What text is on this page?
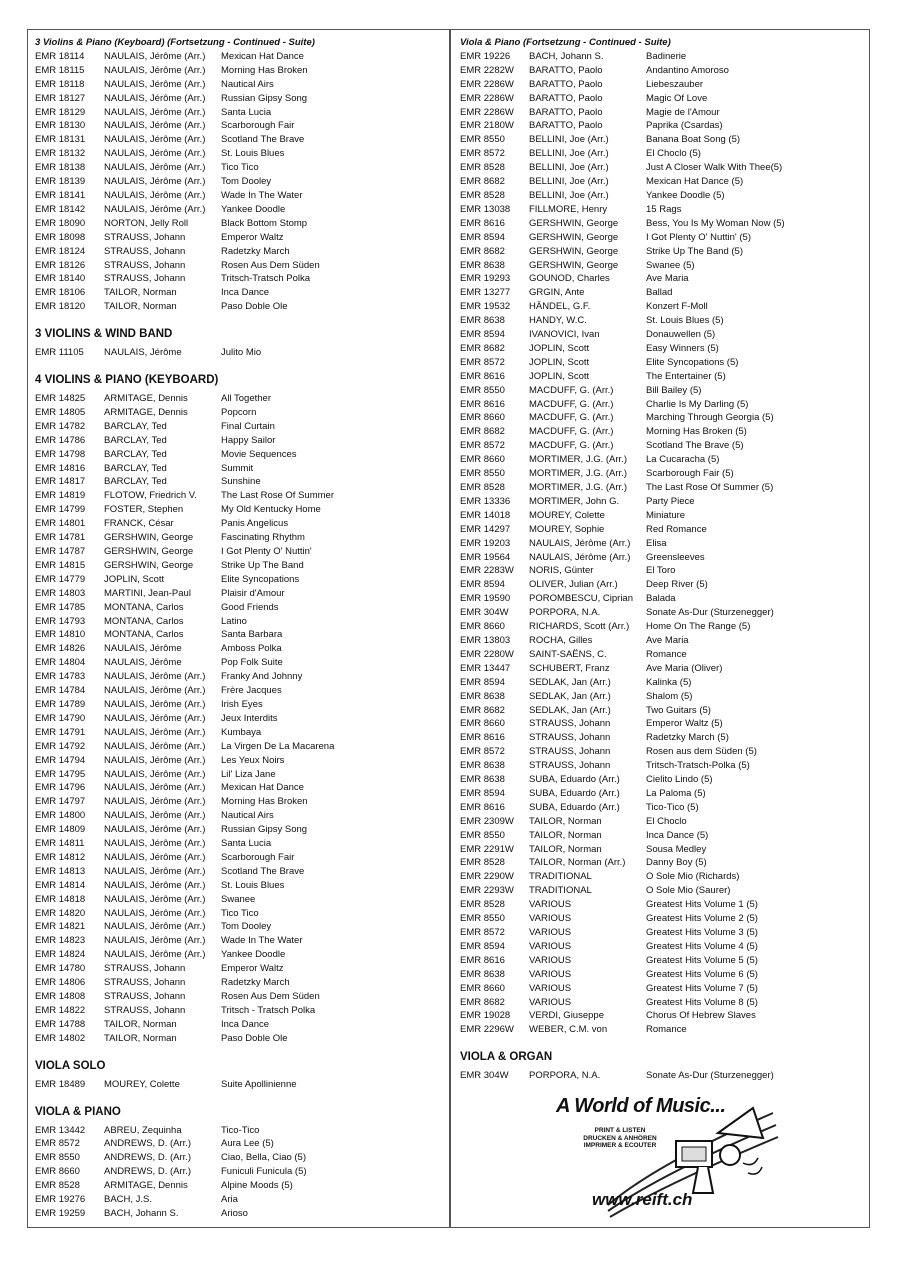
3 Violins & Piano (Keyboard) (Fortsetzung - Continued - Suite)
EMR 18114	NAULAIS, Jérôme (Arr.)	Mexican Hat Dance
EMR 18115	NAULAIS, Jérôme (Arr.)	Morning Has Broken
EMR 18118	NAULAIS, Jérôme (Arr.)	Nautical Airs
EMR 18127	NAULAIS, Jérôme (Arr.)	Russian Gipsy Song
EMR 18129	NAULAIS, Jérôme (Arr.)	Santa Lucia
EMR 18130	NAULAIS, Jérôme (Arr.)	Scarborough Fair
EMR 18131	NAULAIS, Jérôme (Arr.)	Scotland The Brave
EMR 18132	NAULAIS, Jérôme (Arr.)	St. Louis Blues
EMR 18138	NAULAIS, Jérôme (Arr.)	Tico Tico
EMR 18139	NAULAIS, Jérôme (Arr.)	Tom Dooley
EMR 18141	NAULAIS, Jérôme (Arr.)	Wade In The Water
EMR 18142	NAULAIS, Jérôme (Arr.)	Yankee Doodle
EMR 18090	NORTON, Jelly Roll	Black Bottom Stomp
EMR 18098	STRAUSS, Johann	Emperor Waltz
EMR 18124	STRAUSS, Johann	Radetzky March
EMR 18126	STRAUSS, Johann	Rosen Aus Dem Süden
EMR 18140	STRAUSS, Johann	Tritsch-Tratsch Polka
EMR 18106	TAILOR, Norman	Inca Dance
EMR 18120	TAILOR, Norman	Paso Doble Ole
3 VIOLINS & WIND BAND
EMR 11105	NAULAIS, Jérôme	Julito Mio
4 VIOLINS & PIANO (KEYBOARD)
EMR 14825	ARMITAGE, Dennis	All Together
EMR 14805	ARMITAGE, Dennis	Popcorn
EMR 14782	BARCLAY, Ted	Final Curtain
EMR 14786	BARCLAY, Ted	Happy Sailor
EMR 14798	BARCLAY, Ted	Movie Sequences
EMR 14816	BARCLAY, Ted	Summit
EMR 14817	BARCLAY, Ted	Sunshine
EMR 14819	FLOTOW, Friedrich V.	The Last Rose Of Summer
EMR 14799	FOSTER, Stephen	My Old Kentucky Home
EMR 14801	FRANCK, César	Panis Angelicus
EMR 14781	GERSHWIN, George	Fascinating Rhythm
EMR 14787	GERSHWIN, George	I Got Plenty O' Nuttin'
EMR 14815	GERSHWIN, George	Strike Up The Band
EMR 14779	JOPLIN, Scott	Elite Syncopations
EMR 14803	MARTINI, Jean-Paul	Plaisir d'Amour
EMR 14785	MONTANA, Carlos	Good Friends
EMR 14793	MONTANA, Carlos	Latino
EMR 14810	MONTANA, Carlos	Santa Barbara
EMR 14826	NAULAIS, Jérôme	Amboss Polka
EMR 14804	NAULAIS, Jérôme	Pop Folk Suite
EMR 14783	NAULAIS, Jérôme (Arr.)	Franky And Johnny
EMR 14784	NAULAIS, Jérôme (Arr.)	Frère Jacques
EMR 14789	NAULAIS, Jérôme (Arr.)	Irish Eyes
EMR 14790	NAULAIS, Jérôme (Arr.)	Jeux Interdits
EMR 14791	NAULAIS, Jérôme (Arr.)	Kumbaya
EMR 14792	NAULAIS, Jérôme (Arr.)	La Virgen De La Macarena
EMR 14794	NAULAIS, Jérôme (Arr.)	Les Yeux Noirs
EMR 14795	NAULAIS, Jérôme (Arr.)	Lil' Liza Jane
EMR 14796	NAULAIS, Jérôme (Arr.)	Mexican Hat Dance
EMR 14797	NAULAIS, Jérôme (Arr.)	Morning Has Broken
EMR 14800	NAULAIS, Jérôme (Arr.)	Nautical Airs
EMR 14809	NAULAIS, Jérôme (Arr.)	Russian Gipsy Song
EMR 14811	NAULAIS, Jérôme (Arr.)	Santa Lucia
EMR 14812	NAULAIS, Jérôme (Arr.)	Scarborough Fair
EMR 14813	NAULAIS, Jérôme (Arr.)	Scotland The Brave
EMR 14814	NAULAIS, Jérôme (Arr.)	St. Louis Blues
EMR 14818	NAULAIS, Jérôme (Arr.)	Swanee
EMR 14820	NAULAIS, Jérôme (Arr.)	Tico Tico
EMR 14821	NAULAIS, Jérôme (Arr.)	Tom Dooley
EMR 14823	NAULAIS, Jérôme (Arr.)	Wade In The Water
EMR 14824	NAULAIS, Jérôme (Arr.)	Yankee Doodle
EMR 14780	STRAUSS, Johann	Emperor Waltz
EMR 14806	STRAUSS, Johann	Radetzky March
EMR 14808	STRAUSS, Johann	Rosen Aus Dem Süden
EMR 14822	STRAUSS, Johann	Tritsch - Tratsch Polka
EMR 14788	TAILOR, Norman	Inca Dance
EMR 14802	TAILOR, Norman	Paso Doble Ole
VIOLA SOLO
EMR 18489	MOUREY, Colette	Suite Apollinienne
VIOLA & PIANO
EMR 13442	ABREU, Zequinha	Tico-Tico
EMR 8572	ANDREWS, D. (Arr.)	Aura Lee (5)
EMR 8550	ANDREWS, D. (Arr.)	Ciao, Bella, Ciao (5)
EMR 8660	ANDREWS, D. (Arr.)	Funiculi Funicula (5)
EMR 8528	ARMITAGE, Dennis	Alpine Moods (5)
EMR 19276	BACH, J.S.	Aria
EMR 19259	BACH, Johann S.	Arioso
Viola & Piano (Fortsetzung - Continued - Suite)
EMR 19226	BACH, Johann S.	Badinerie
EMR 2282W	BARATTO, Paolo	Andantino Amoroso
EMR 2286W	BARATTO, Paolo	Liebeszauber
EMR 2286W	BARATTO, Paolo	Magic Of Love
EMR 2286W	BARATTO, Paolo	Magie de l'Amour
EMR 2180W	BARATTO, Paolo	Paprika (Csardas)
EMR 8550	BELLINI, Joe (Arr.)	Banana Boat Song (5)
EMR 8572	BELLINI, Joe (Arr.)	El Choclo (5)
EMR 8528	BELLINI, Joe (Arr.)	Just A Closer Walk With Thee(5)
EMR 8682	BELLINI, Joe (Arr.)	Mexican Hat Dance (5)
EMR 8528	BELLINI, Joe (Arr.)	Yankee Doodle (5)
EMR 13038	FILLMORE, Henry	15 Rags
EMR 8616	GERSHWIN, George	Bess, You Is My Woman Now (5)
EMR 8594	GERSHWIN, George	I Got Plenty O' Nuttin' (5)
EMR 8682	GERSHWIN, George	Strike Up The Band (5)
EMR 8638	GERSHWIN, George	Swanee (5)
EMR 19293	GOUNOD, Charles	Ave Maria
EMR 13277	GRGIN, Ante	Ballad
EMR 19532	HÄNDEL, G.F.	Konzert F-Moll
EMR 8638	HANDY, W.C.	St. Louis Blues (5)
EMR 8594	IVANOVICI, Ivan	Donauwellen (5)
EMR 8682	JOPLIN, Scott	Easy Winners (5)
EMR 8572	JOPLIN, Scott	Elite Syncopations (5)
EMR 8616	JOPLIN, Scott	The Entertainer (5)
EMR 8550	MACDUFF, G. (Arr.)	Bill Bailey (5)
EMR 8616	MACDUFF, G. (Arr.)	Charlie Is My Darling (5)
EMR 8660	MACDUFF, G. (Arr.)	Marching Through Georgia (5)
EMR 8682	MACDUFF, G. (Arr.)	Morning Has Broken (5)
EMR 8572	MACDUFF, G. (Arr.)	Scotland The Brave (5)
EMR 8660	MORTIMER, J.G. (Arr.)	La Cucaracha (5)
EMR 8550	MORTIMER, J.G. (Arr.)	Scarborough Fair (5)
EMR 8528	MORTIMER, J.G. (Arr.)	The Last Rose Of Summer (5)
EMR 13336	MORTIMER, John G.	Party Piece
EMR 14018	MOUREY, Colette	Miniature
EMR 14297	MOUREY, Sophie	Red Romance
EMR 19203	NAULAIS, Jérôme (Arr.)	Elisa
EMR 19564	NAULAIS, Jérôme (Arr.)	Greensleeves
EMR 2283W	NORIS, Günter	El Toro
EMR 8594	OLIVER, Julian (Arr.)	Deep River (5)
EMR 19590	POROMBESCU, Ciprian	Balada
EMR 304W	PORPORA, N.A.	Sonate As-Dur (Sturzenegger)
EMR 8660	RICHARDS, Scott (Arr.)	Home On The Range (5)
EMR 13803	ROCHA, Gilles	Ave Maria
EMR 2280W	SAINT-SAËNS, C.	Romance
EMR 13447	SCHUBERT, Franz	Ave Maria (Oliver)
EMR 8594	SEDLAK, Jan (Arr.)	Kalinka (5)
EMR 8638	SEDLAK, Jan (Arr.)	Shalom (5)
EMR 8682	SEDLAK, Jan (Arr.)	Two Guitars (5)
EMR 8660	STRAUSS, Johann	Emperor Waltz (5)
EMR 8616	STRAUSS, Johann	Radetzky March (5)
EMR 8572	STRAUSS, Johann	Rosen aus dem Süden (5)
EMR 8638	STRAUSS, Johann	Tritsch-Tratsch-Polka (5)
EMR 8638	SUBA, Eduardo (Arr.)	Cielito Lindo (5)
EMR 8594	SUBA, Eduardo (Arr.)	La Paloma (5)
EMR 8616	SUBA, Eduardo (Arr.)	Tico-Tico (5)
EMR 2309W	TAILOR, Norman	El Choclo
EMR 8550	TAILOR, Norman	Inca Dance (5)
EMR 2291W	TAILOR, Norman	Sousa Medley
EMR 8528	TAILOR, Norman (Arr.)	Danny Boy (5)
EMR 2290W	TRADITIONAL	O Sole Mio (Richards)
EMR 2293W	TRADITIONAL	O Sole Mio (Saurer)
EMR 8528	VARIOUS	Greatest Hits Volume 1 (5)
EMR 8550	VARIOUS	Greatest Hits Volume 2 (5)
EMR 8572	VARIOUS	Greatest Hits Volume 3 (5)
EMR 8594	VARIOUS	Greatest Hits Volume 4 (5)
EMR 8616	VARIOUS	Greatest Hits Volume 5 (5)
EMR 8638	VARIOUS	Greatest Hits Volume 6 (5)
EMR 8660	VARIOUS	Greatest Hits Volume 7 (5)
EMR 8682	VARIOUS	Greatest Hits Volume 8 (5)
EMR 19028	VERDI, Giuseppe	Chorus Of Hebrew Slaves
EMR 2296W	WEBER, C.M. von	Romance
VIOLA & ORGAN
EMR 304W	PORPORA, N.A.	Sonate As-Dur (Sturzenegger)
A World of Music...
PRINT & LISTEN
DRUCKEN & ANHÖREN
IMPRIMER & ECOUTER
www.reift.ch
